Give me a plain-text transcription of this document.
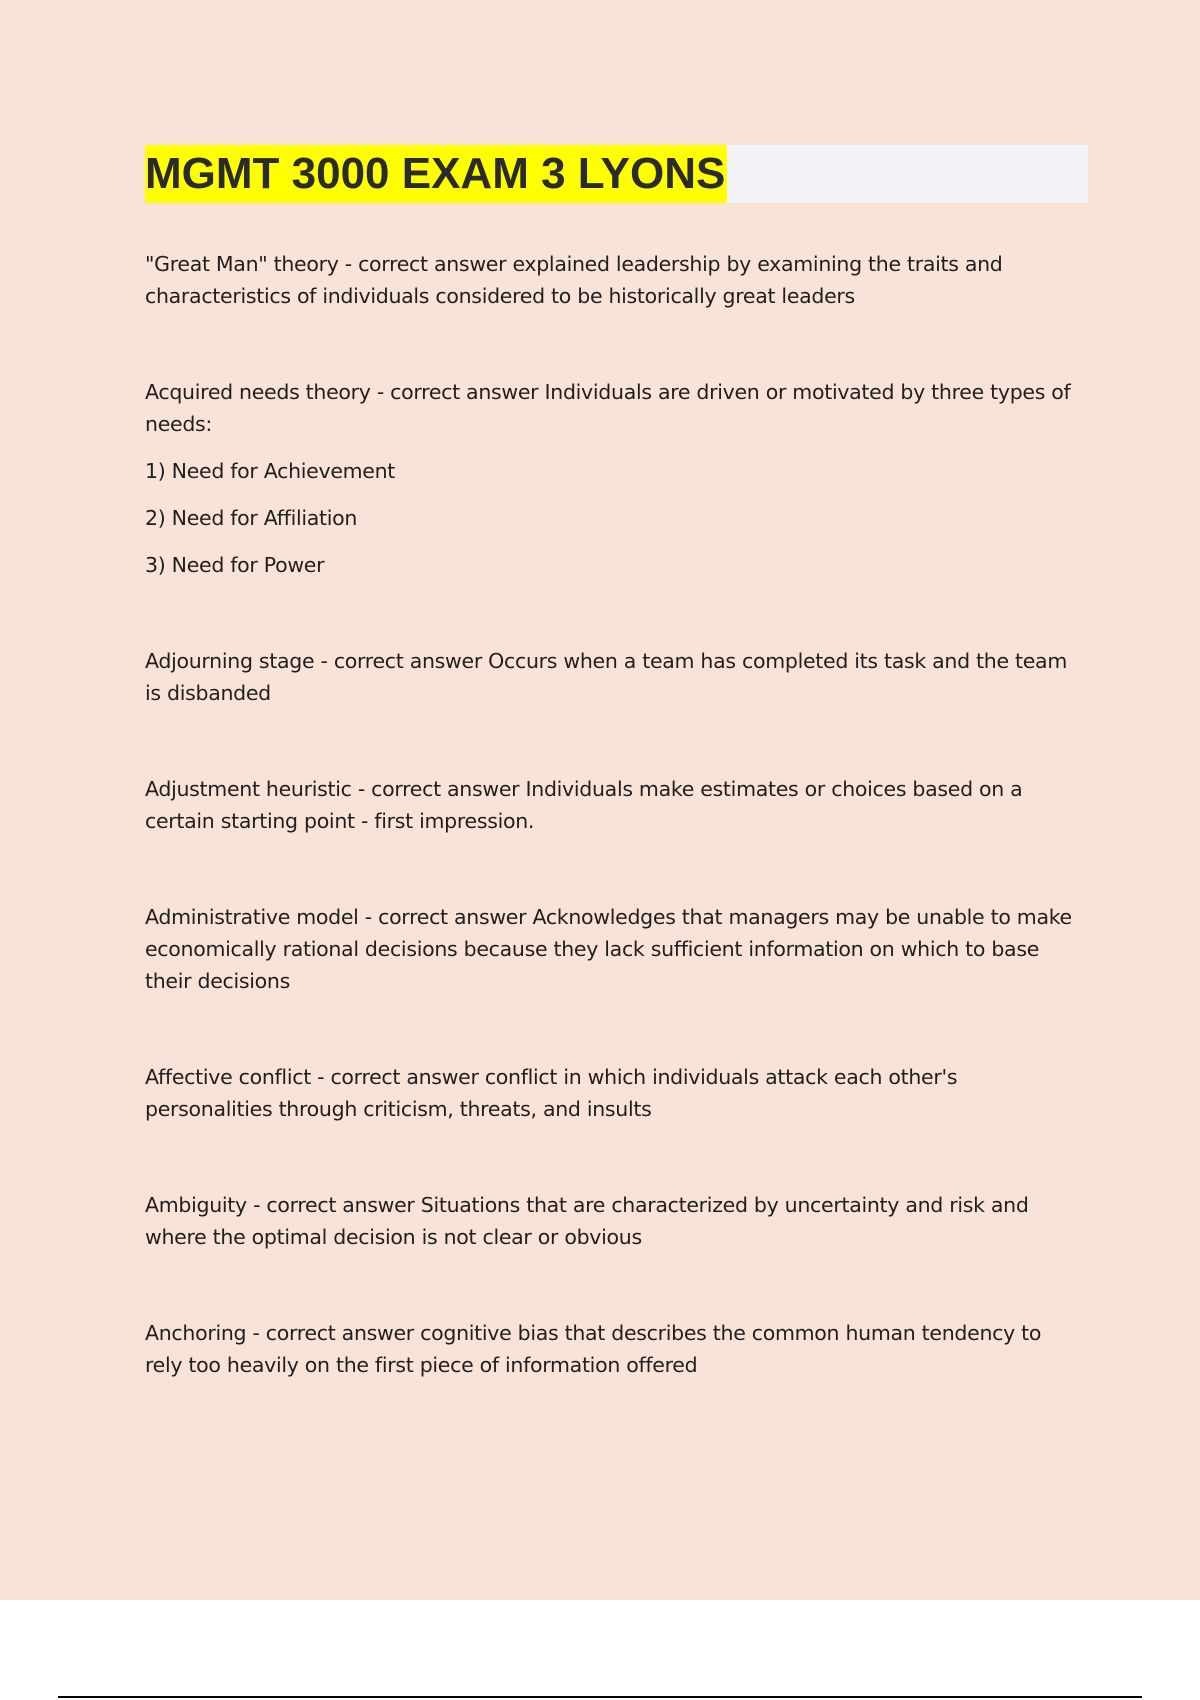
MGMT 3000 EXAM 3 LYONS

"Great Man" theory - correct answer explained leadership by examining the traits and characteristics of individuals considered to be historically great leaders

Acquired needs theory - correct answer Individuals are driven or motivated by three types of needs:

1) Need for Achievement

2) Need for Affiliation

3) Need for Power

Adjourning stage - correct answer Occurs when a team has completed its task and the team is disbanded

Adjustment heuristic - correct answer Individuals make estimates or choices based on a certain starting point - first impression.

Administrative model - correct answer Acknowledges that managers may be unable to make economically rational decisions because they lack sufficient information on which to base their decisions

Affective conflict - correct answer conflict in which individuals attack each other's personalities through criticism, threats, and insults

Ambiguity - correct answer Situations that are characterized by uncertainty and risk and where the optimal decision is not clear or obvious

Anchoring - correct answer cognitive bias that describes the common human tendency to rely too heavily on the first piece of information offered
